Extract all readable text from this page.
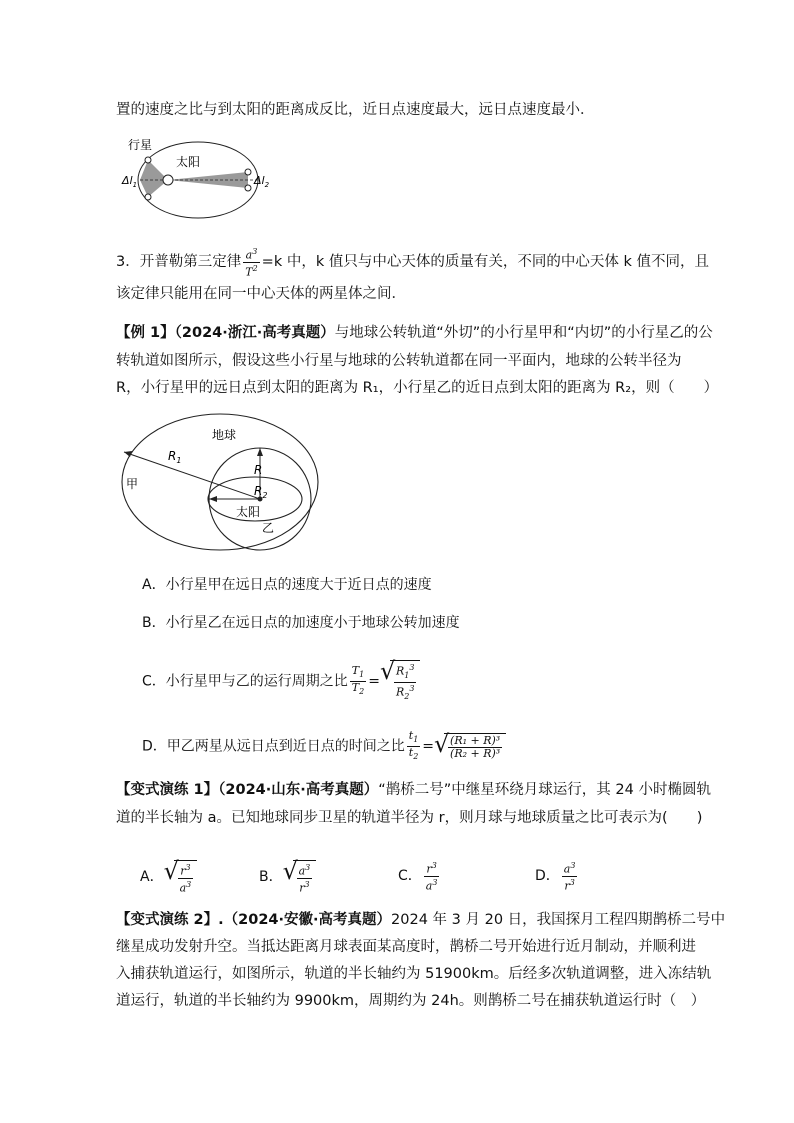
置的速度之比与到太阳的距离成反比，近日点速度最大，远日点速度最小．
行星
太阳
$\Delta l_1$	$\Delta l_2$
3．开普勒第三定律 $\frac{a^3}{T^2} =k$ 中，k 值只与中心天体的质量有关，不同的中心天体 k 值不同，且
该定律只能用在同一中心天体的两星体之间．
【例 1】（2024·浙江·高考真题）与地球公转轨道“外切”的小行星甲和“内切”的小行星乙的公
转轨道如图所示，假设这些小行星与地球的公转轨道都在同一平面内，地球的公转半径为
R，小行星甲的远日点到太阳的距离为 R₁，小行星乙的近日点到太阳的距离为 R₂，则（　　）
地球
甲
太阳
乙
R
$R_1$
$R_2$
A．小行星甲在远日点的速度大于近日点的速度
B．小行星乙在远日点的加速度小于地球公转加速度
C．小行星甲与乙的运行周期之比 $\frac{T_1}{T_2}$ = √
$\frac{R_1^3}{R_2^3}$
D．甲乙两星从远日点到近日点的时间之比 $\frac{t_1}{t_2}$ = √
$\frac{\text{(R₁ + R)³}}{\text{(R₂ + R)³}}$
【变式演练 1】（2024·山东·高考真题）“鹊桥二号”中继星环绕月球运行，其 24 小时椭圆轨
道的半长轴为 a。已知地球同步卫星的轨道半径为 r，则月球与地球质量之比可表示为(　　)
A． √
$\frac{r^3}{a^3}$	B． √
$\frac{a^3}{r^3}$	C． $\frac{r^3}{a^3}$	D． $\frac{a^3}{r^3}$
【变式演练 2】.（2024·安徽·高考真题）2024 年 3 月 20 日，我国探月工程四期鹊桥二号中
继星成功发射升空。当抵达距离月球表面某高度时，鹊桥二号开始进行近月制动，并顺利进
入捕获轨道运行，如图所示，轨道的半长轴约为 51900km。后经多次轨道调整，进入冻结轨
道运行，轨道的半长轴约为 9900km，周期约为 24h。则鹊桥二号在捕获轨道运行时（　）
